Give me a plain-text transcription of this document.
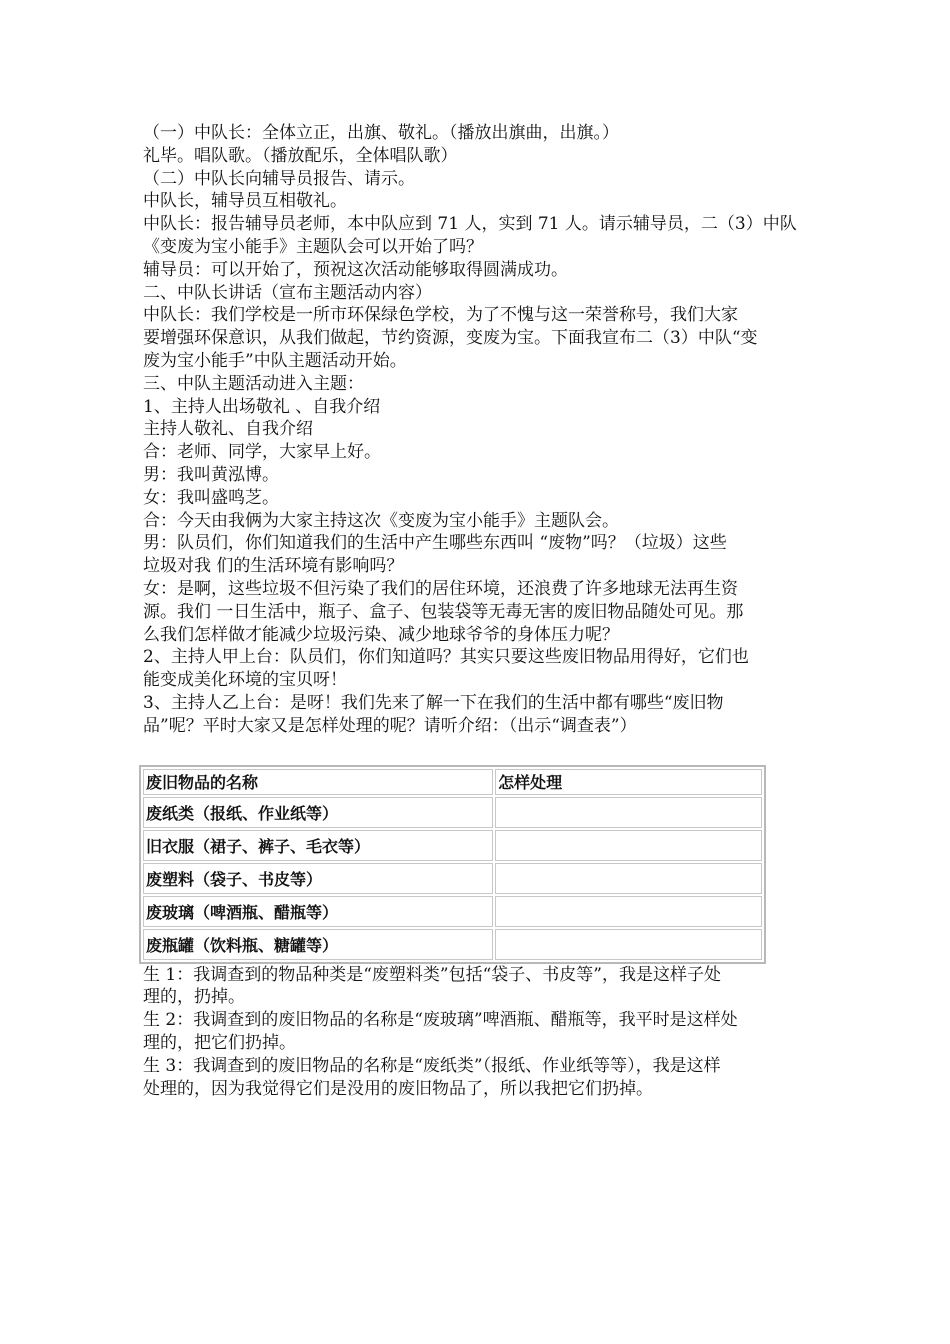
（一）中队长：全体立正，出旗、敬礼。（播放出旗曲，出旗。）

礼毕。唱队歌。（播放配乐，全体唱队歌）

（二）中队长向辅导员报告、请示。

中队长，辅导员互相敬礼。

中队长：报告辅导员老师，本中队应到 71 人，实到 71 人。请示辅导员，二（3）中队

《变废为宝小能手》主题队会可以开始了吗？

辅导员：可以开始了，预祝这次活动能够取得圆满成功。

二、中队长讲话（宣布主题活动内容）

中队长：我们学校是一所市环保绿色学校，为了不愧与这一荣誉称号，我们大家

要增强环保意识，从我们做起，节约资源，变废为宝。下面我宣布二（3）中队“变

废为宝小能手”中队主题活动开始。

三、中队主题活动进入主题：

1、主持人出场敬礼 、自我介绍

主持人敬礼、自我介绍

合：老师、同学，大家早上好。

男：我叫黄泓博。

女：我叫盛鸣芝。

合：今天由我俩为大家主持这次《变废为宝小能手》主题队会。

男：队员们，你们知道我们的生活中产生哪些东西叫 “废物”吗？（垃圾）这些

垃圾对我 们的生活环境有影响吗？

女：是啊，这些垃圾不但污染了我们的居住环境，还浪费了许多地球无法再生资

源。我们 一日生活中，瓶子、盒子、包装袋等无毒无害的废旧物品随处可见。那

么我们怎样做才能减少垃圾污染、减少地球爷爷的身体压力呢？

2、主持人甲上台：队员们，你们知道吗？其实只要这些废旧物品用得好，它们也

能变成美化环境的宝贝呀！

3、主持人乙上台：是呀！我们先来了解一下在我们的生活中都有哪些“废旧物

品”呢？平时大家又是怎样处理的呢？请听介绍：（出示“调查表”）

废旧物品的名称	怎样处理
废纸类（报纸、作业纸等）	
旧衣服（裙子、裤子、毛衣等）	
废塑料（袋子、书皮等）	
废玻璃（啤酒瓶、醋瓶等）	
废瓶罐（饮料瓶、糖罐等）	

生 1：我调查到的物品种类是“废塑料类”包括“袋子、书皮等”，我是这样子处

理的，扔掉。

生 2：我调查到的废旧物品的名称是“废玻璃”啤酒瓶、醋瓶等，我平时是这样处

理的，把它们扔掉。

生 3：我调查到的废旧物品的名称是“废纸类”（报纸、作业纸等等），我是这样

处理的，因为我觉得它们是没用的废旧物品了，所以我把它们扔掉。
